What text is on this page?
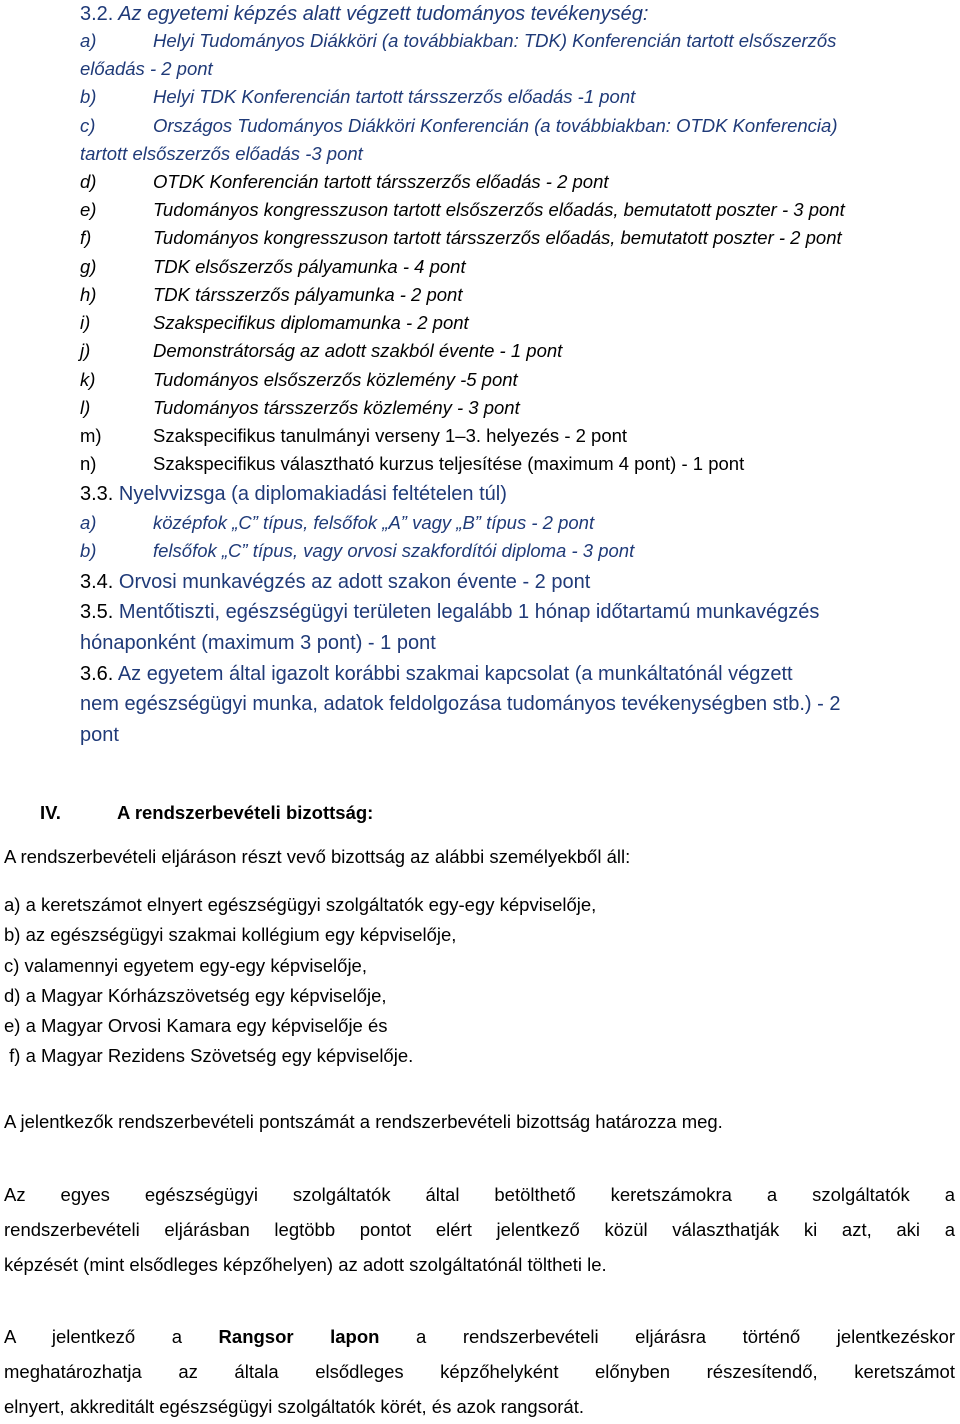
3.2. Az egyetemi képzés alatt végzett tudományos tevékenység:
a)	Helyi Tudományos Diákköri (a továbbiakban: TDK) Konferencián tartott elsőszerzős
előadás - 2 pont
b)	Helyi TDK Konferencián tartott társszerzős előadás -1 pont
c)	Országos Tudományos Diákköri Konferencián (a továbbiakban: OTDK Konferencia)
tartott elsőszerzős előadás -3 pont
d)	OTDK Konferencián tartott társszerzős előadás - 2 pont
e)	Tudományos kongresszuson tartott elsőszerzős előadás, bemutatott poszter - 3 pont
f)	Tudományos kongresszuson tartott társszerzős előadás, bemutatott poszter - 2 pont
g)	TDK elsőszerzős pályamunka - 4 pont
h)	TDK társszerzős pályamunka - 2 pont
i)	Szakspecifikus diplomamunka - 2 pont
j)	Demonstrátorság az adott szakból évente - 1 pont
k)	Tudományos elsőszerzős közlemény -5 pont
l)	Tudományos társszerzős közlemény - 3 pont
m)	Szakspecifikus tanulmányi verseny 1–3. helyezés - 2 pont
n)	Szakspecifikus választható kurzus teljesítése (maximum 4 pont) - 1 pont
3.3. Nyelvvizsga (a diplomakiadási feltételen túl)
a)	középfok „C” típus, felsőfok „A” vagy „B” típus - 2 pont
b)	felsőfok „C” típus, vagy orvosi szakfordítói diploma - 3 pont
3.4. Orvosi munkavégzés az adott szakon évente - 2 pont
3.5. Mentőtiszti, egészségügyi területen legalább 1 hónap időtartamú munkavégzés
hónaponként (maximum 3 pont) - 1 pont
3.6. Az egyetem által igazolt korábbi szakmai kapcsolat (a munkáltatónál végzett
nem egészségügyi munka, adatok feldolgozása tudományos tevékenységben stb.) - 2
pont
IV.	A rendszerbevételi bizottság:
A rendszerbevételi eljáráson részt vevő bizottság az alábbi személyekből áll:
a) a keretszámot elnyert egészségügyi szolgáltatók egy-egy képviselője,
b) az egészségügyi szakmai kollégium egy képviselője,
c) valamennyi egyetem egy-egy képviselője,
d) a Magyar Kórházszövetség egy képviselője,
e) a Magyar Orvosi Kamara egy képviselője és
f) a Magyar Rezidens Szövetség egy képviselője.
A jelentkezők rendszerbevételi pontszámát a rendszerbevételi bizottság határozza meg.
Az egyes egészségügyi szolgáltatók által betölthető keretszámokra a szolgáltatók a
rendszerbevételi eljárásban legtöbb pontot elért jelentkező közül választhatják ki azt, aki a
képzését (mint elsődleges képzőhelyen) az adott szolgáltatónál töltheti le.
A jelentkező a Rangsor lapon a rendszerbevételi eljárásra történő jelentkezéskor
meghatározhatja az általa elsődleges képzőhelyként előnyben részesítendő, keretszámot
elnyert, akkreditált egészségügyi szolgáltatók körét, és azok rangsorát.
